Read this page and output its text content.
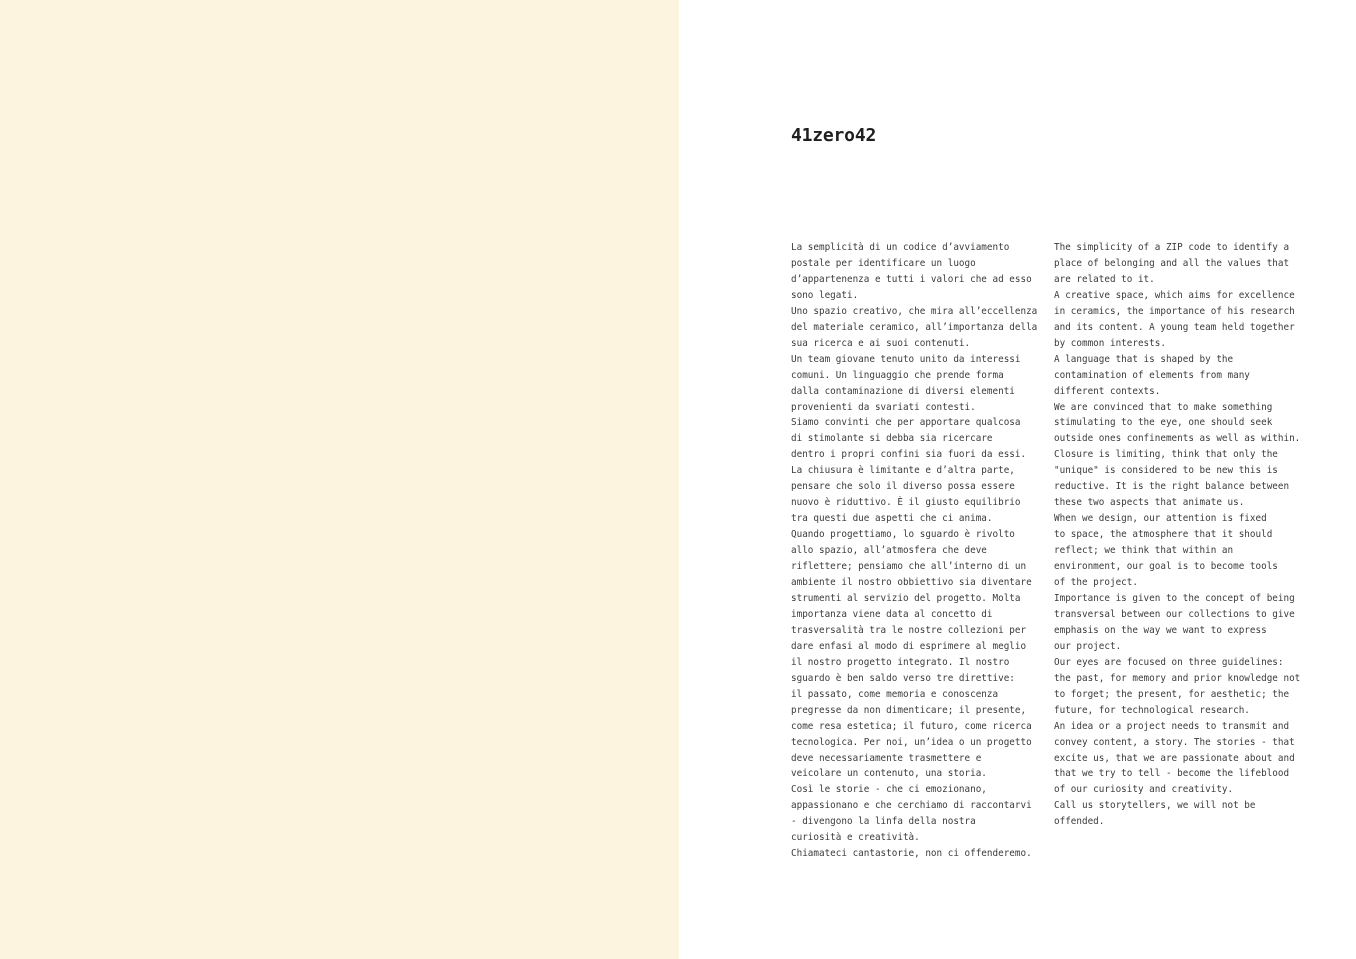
41zero42
La semplicità di un codice d’avviamento
postale per identificare un luogo
d’appartenenza e tutti i valori che ad esso
sono legati.
Uno spazio creativo, che mira all’eccellenza
del materiale ceramico, all’importanza della
sua ricerca e ai suoi contenuti.
Un team giovane tenuto unito da interessi
comuni. Un linguaggio che prende forma
dalla contaminazione di diversi elementi
provenienti da svariati contesti.
Siamo convinti che per apportare qualcosa
di stimolante si debba sia ricercare
dentro i propri confini sia fuori da essi.
La chiusura è limitante e d’altra parte,
pensare che solo il diverso possa essere
nuovo è riduttivo. È il giusto equilibrio
tra questi due aspetti che ci anima.
Quando progettiamo, lo sguardo è rivolto
allo spazio, all’atmosfera che deve
riflettere; pensiamo che all’interno di un
ambiente il nostro obbiettivo sia diventare
strumenti al servizio del progetto. Molta
importanza viene data al concetto di
trasversalità tra le nostre collezioni per
dare enfasi al modo di esprimere al meglio
il nostro progetto integrato. Il nostro
sguardo è ben saldo verso tre direttive:
il passato, come memoria e conoscenza
pregresse da non dimenticare; il presente,
come resa estetica; il futuro, come ricerca
tecnologica. Per noi, un’idea o un progetto
deve necessariamente trasmettere e
veicolare un contenuto, una storia.
Così le storie - che ci emozionano,
appassionano e che cerchiamo di raccontarvi
- divengono la linfa della nostra
curiosità e creatività.
Chiamateci cantastorie, non ci offenderemo.
The simplicity of a ZIP code to identify a
place of belonging and all the values that
are related to it.
A creative space, which aims for excellence
in ceramics, the importance of his research
and its content. A young team held together
by common interests.
A language that is shaped by the
contamination of elements from many
different contexts.
We are convinced that to make something
stimulating to the eye, one should seek
outside ones confinements as well as within.
Closure is limiting, think that only the
"unique" is considered to be new this is
reductive. It is the right balance between
these two aspects that animate us.
When we design, our attention is fixed
to space, the atmosphere that it should
reflect; we think that within an
environment, our goal is to become tools
of the project.
Importance is given to the concept of being
transversal between our collections to give
emphasis on the way we want to express
our project.
Our eyes are focused on three guidelines:
the past, for memory and prior knowledge not
to forget; the present, for aesthetic; the
future, for technological research.
An idea or a project needs to transmit and
convey content, a story. The stories - that
excite us, that we are passionate about and
that we try to tell - become the lifeblood
of our curiosity and creativity.
Call us storytellers, we will not be
offended.
